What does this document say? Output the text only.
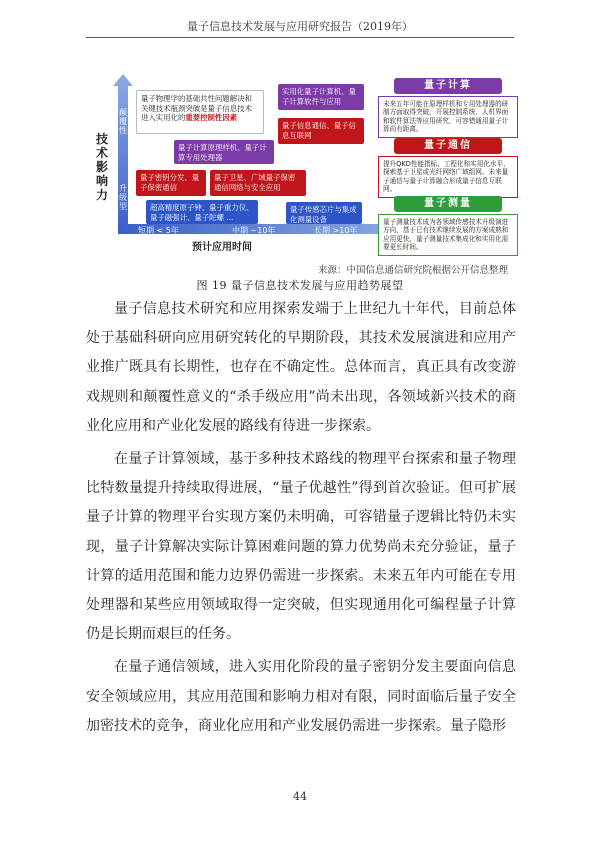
量子信息技术发展与应用研究报告（2019年）
技术影响力
颠覆性
升级型
短期 < 5年	中期 ~10年	长期 >10年
预计应用时间
量子物理学的基础共性问题解决和关键技术瓶颈突破是量子信息技术进入实用化的重要控制性因素
实用化量子计算机、量子计算软件与应用
量子计算原理样机、量子计算专用处理器
量子信息通信、量子信息互联网
量子密钥分发、量子保密通信
量子卫星、广域量子保密通信网络与安全应用
超高精度原子钟、量子重力仪、量子磁强计、量子陀螺 ...
量子传感芯片与集成化测量设备
量子计算
未来五年可能在原理样机和专用处理器的研制方面取得突破，开展控制系统、人机界面和软件算法等应用研究，可容错通用量子计算尚有距离。
量子通信
提升QKD性能指标、工程化和实用化水平，探索基于卫星或光纤网络广域组网。未来量子通信与量子计算融合形成量子信息互联网。
量子测量
量子测量技术成为各领域传感技术升级演进方向，基于已有技术继续发展的方案成熟和应用更快，量子测量技术集成化和实用化需要更长时间。
来源：中国信息通信研究院根据公开信息整理
图 19 量子信息技术发展与应用趋势展望

量子信息技术研究和应用探索发端于上世纪九十年代，目前总体处于基础科研向应用研究转化的早期阶段，其技术发展演进和应用产业推广既具有长期性，也存在不确定性。总体而言，真正具有改变游戏规则和颠覆性意义的“杀手级应用”尚未出现，各领域新兴技术的商业化应用和产业化发展的路线有待进一步探索。

在量子计算领域，基于多种技术路线的物理平台探索和量子物理比特数量提升持续取得进展，“量子优越性”得到首次验证。但可扩展量子计算的物理平台实现方案仍未明确，可容错量子逻辑比特仍未实现，量子计算解决实际计算困难问题的算力优势尚未充分验证，量子计算的适用范围和能力边界仍需进一步探索。未来五年内可能在专用处理器和某些应用领域取得一定突破，但实现通用化可编程量子计算仍是长期而艰巨的任务。

在量子通信领域，进入实用化阶段的量子密钥分发主要面向信息安全领域应用，其应用范围和影响力相对有限，同时面临后量子安全加密技术的竞争，商业化应用和产业发展仍需进一步探索。量子隐形

44
